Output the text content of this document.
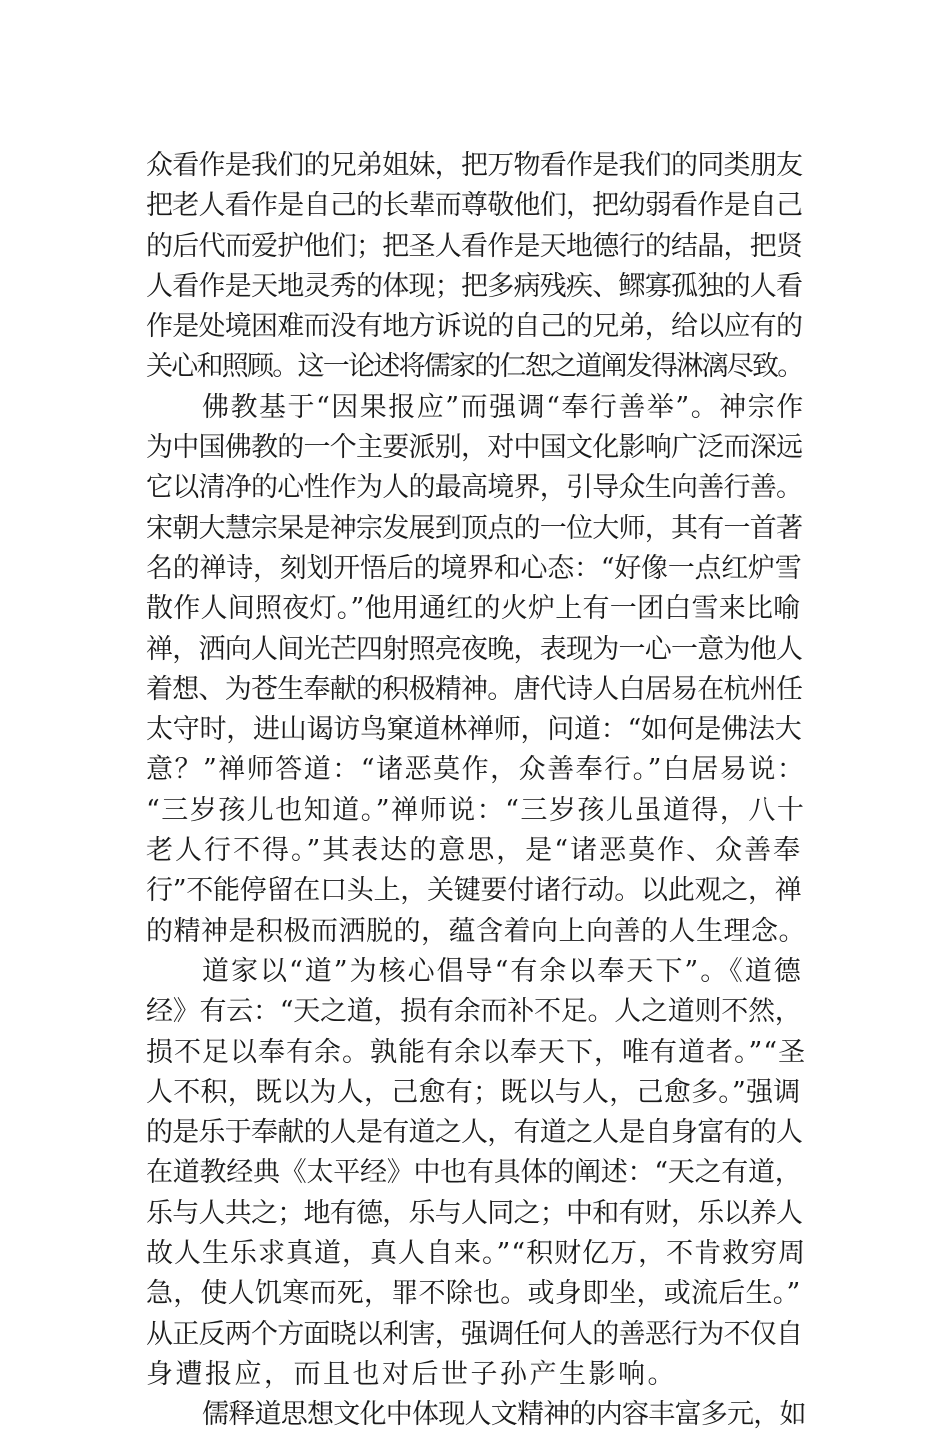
众看作是我们的兄弟姐妹，把万物看作是我们的同类朋友
把老人看作是自己的长辈而尊敬他们，把幼弱看作是自己
的后代而爱护他们；把圣人看作是天地德行的结晶，把贤
人看作是天地灵秀的体现；把多病残疾、鳏寡孤独的人看
作是处境困难而没有地方诉说的自己的兄弟，给以应有的
关心和照顾。这一论述将儒家的仁恕之道阐发得淋漓尽致。
佛教基于“因果报应”而强调“奉行善举”。神宗作
为中国佛教的一个主要派别，对中国文化影响广泛而深远
它以清净的心性作为人的最高境界，引导众生向善行善。
宋朝大慧宗杲是神宗发展到顶点的一位大师，其有一首著
名的禅诗，刻划开悟后的境界和心态：“好像一点红炉雪
散作人间照夜灯。”他用通红的火炉上有一团白雪来比喻
禅，洒向人间光芒四射照亮夜晚，表现为一心一意为他人
着想、为苍生奉献的积极精神。唐代诗人白居易在杭州任
太守时，进山谒访鸟窠道林禅师，问道：“如何是佛法大
意？”禅师答道：“诸恶莫作，众善奉行。”白居易说：
“三岁孩儿也知道。”禅师说：“三岁孩儿虽道得，八十
老人行不得。”其表达的意思，是“诸恶莫作、众善奉
行”不能停留在口头上，关键要付诸行动。以此观之，禅
的精神是积极而洒脱的，蕴含着向上向善的人生理念。
道家以“道”为核心倡导“有余以奉天下”。《道德
经》有云：“天之道，损有余而补不足。人之道则不然，
损不足以奉有余。孰能有余以奉天下，唯有道者。”“圣
人不积，既以为人，己愈有；既以与人，己愈多。”强调
的是乐于奉献的人是有道之人，有道之人是自身富有的人
在道教经典《太平经》中也有具体的阐述：“天之有道，
乐与人共之；地有德，乐与人同之；中和有财，乐以养人
故人生乐求真道，真人自来。”“积财亿万，不肯救穷周
急，使人饥寒而死，罪不除也。或身即坐，或流后生。”
从正反两个方面晓以利害，强调任何人的善恶行为不仅自
身遭报应，而且也对后世子孙产生影响。
儒释道思想文化中体现人文精神的内容丰富多元，如
